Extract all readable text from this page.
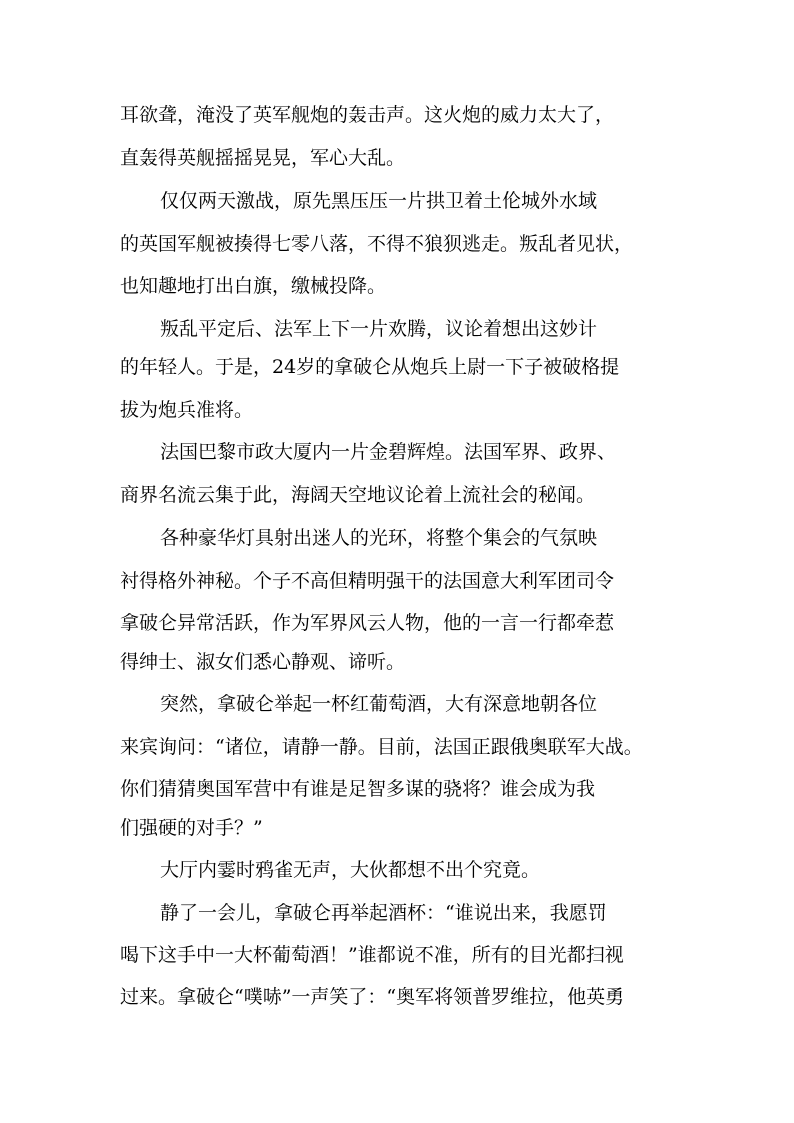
耳欲聋，淹没了英军舰炮的轰击声。这火炮的威力太大了，
直轰得英舰摇摇晃晃，军心大乱。
仅仅两天激战，原先黑压压一片拱卫着土伦城外水域
的英国军舰被揍得七零八落，不得不狼狈逃走。叛乱者见状，
也知趣地打出白旗，缴械投降。
叛乱平定后、法军上下一片欢腾，议论着想出这妙计
的年轻人。于是，24岁的拿破仑从炮兵上尉一下子被破格提
拔为炮兵准将。
法国巴黎市政大厦内一片金碧辉煌。法国军界、政界、
商界名流云集于此，海阔天空地议论着上流社会的秘闻。
各种豪华灯具射出迷人的光环，将整个集会的气氛映
衬得格外神秘。个子不高但精明强干的法国意大利军团司令
拿破仑异常活跃，作为军界风云人物，他的一言一行都牵惹
得绅士、淑女们悉心静观、谛听。
突然，拿破仑举起一杯红葡萄酒，大有深意地朝各位
来宾询问：“诸位，请静一静。目前，法国正跟俄奥联军大战。
你们猜猜奥国军营中有谁是足智多谋的骁将？谁会成为我
们强硬的对手？”
大厅内霎时鸦雀无声，大伙都想不出个究竟。
静了一会儿，拿破仑再举起酒杯：“谁说出来，我愿罚
喝下这手中一大杯葡萄酒！”谁都说不准，所有的目光都扫视
过来。拿破仑“噗哧”一声笑了：“奥军将领普罗维拉，他英勇
